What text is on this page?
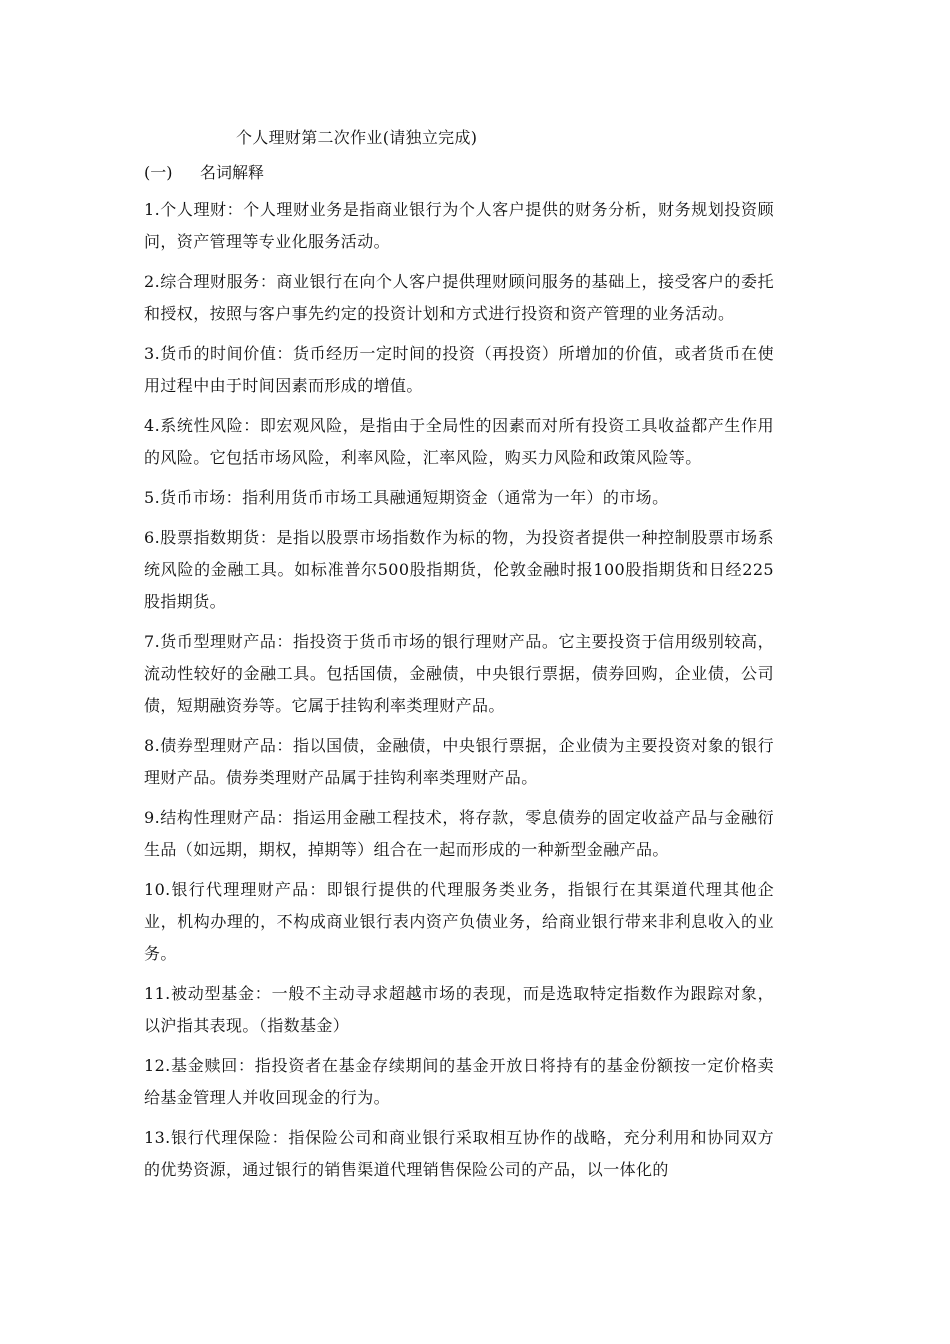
个人理财第二次作业(请独立完成)
(一) 名词解释

1.个人理财：个人理财业务是指商业银行为个人客户提供的财务分析，财务规划投资顾问，资产管理等专业化服务活动。

2.综合理财服务：商业银行在向个人客户提供理财顾问服务的基础上，接受客户的委托和授权，按照与客户事先约定的投资计划和方式进行投资和资产管理的业务活动。

3.货币的时间价值：货币经历一定时间的投资（再投资）所增加的价值，或者货币在使用过程中由于时间因素而形成的增值。

4.系统性风险：即宏观风险，是指由于全局性的因素而对所有投资工具收益都产生作用的风险。它包括市场风险，利率风险，汇率风险，购买力风险和政策风险等。

5.货币市场：指利用货币市场工具融通短期资金（通常为一年）的市场。

6.股票指数期货：是指以股票市场指数作为标的物，为投资者提供一种控制股票市场系统风险的金融工具。如标准普尔500股指期货，伦敦金融时报100股指期货和日经225股指期货。

7.货币型理财产品：指投资于货币市场的银行理财产品。它主要投资于信用级别较高，流动性较好的金融工具。包括国债，金融债，中央银行票据，债券回购，企业债，公司债，短期融资券等。它属于挂钩利率类理财产品。

8.债券型理财产品：指以国债，金融债，中央银行票据，企业债为主要投资对象的银行理财产品。债券类理财产品属于挂钩利率类理财产品。

9.结构性理财产品：指运用金融工程技术，将存款，零息债券的固定收益产品与金融衍生品（如远期，期权，掉期等）组合在一起而形成的一种新型金融产品。

10.银行代理理财产品：即银行提供的代理服务类业务，指银行在其渠道代理其他企业，机构办理的，不构成商业银行表内资产负债业务，给商业银行带来非利息收入的业务。

11.被动型基金：一般不主动寻求超越市场的表现，而是选取特定指数作为跟踪对象，以沪指其表现。（指数基金）

12.基金赎回：指投资者在基金存续期间的基金开放日将持有的基金份额按一定价格卖给基金管理人并收回现金的行为。

13.银行代理保险：指保险公司和商业银行采取相互协作的战略，充分利用和协同双方的优势资源，通过银行的销售渠道代理销售保险公司的产品，以一体化的
